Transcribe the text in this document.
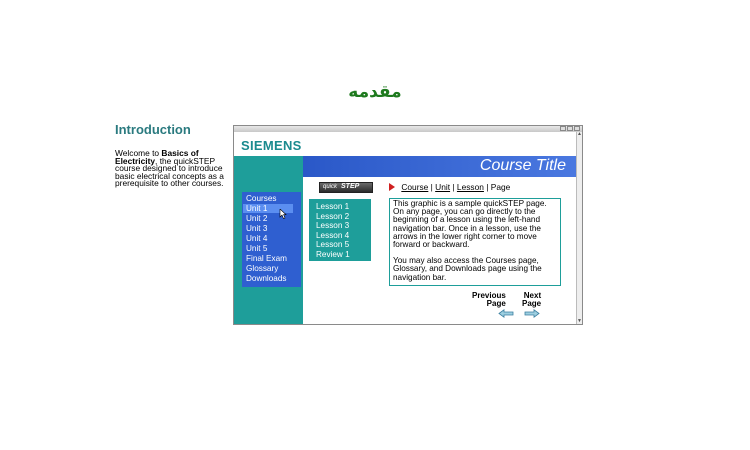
مقدمه
Introduction
Welcome to Basics of Electricity, the quickSTEP course designed to introduce basic electrical concepts as a prerequisite to other courses.
▲
▼
SIEMENS
Course Title
Courses
Unit 1
Unit 2
Unit 3
Unit 4
Unit 5
Final Exam
Glossary
Downloads
Lesson 1
Lesson 2
Lesson 3
Lesson 4
Lesson 5
Review 1
quick STEP	Course | Unit | Lesson | Page

This graphic is a sample quickSTEP page. On any page, you can go directly to the beginning of a lesson using the left-hand navigation bar. Once in a lesson, use the arrows in the lower right corner to move forward or backward.

You may also access the Courses page, Glossary, and Downloads page using the navigation bar.

Previous
Page
Next
Page
